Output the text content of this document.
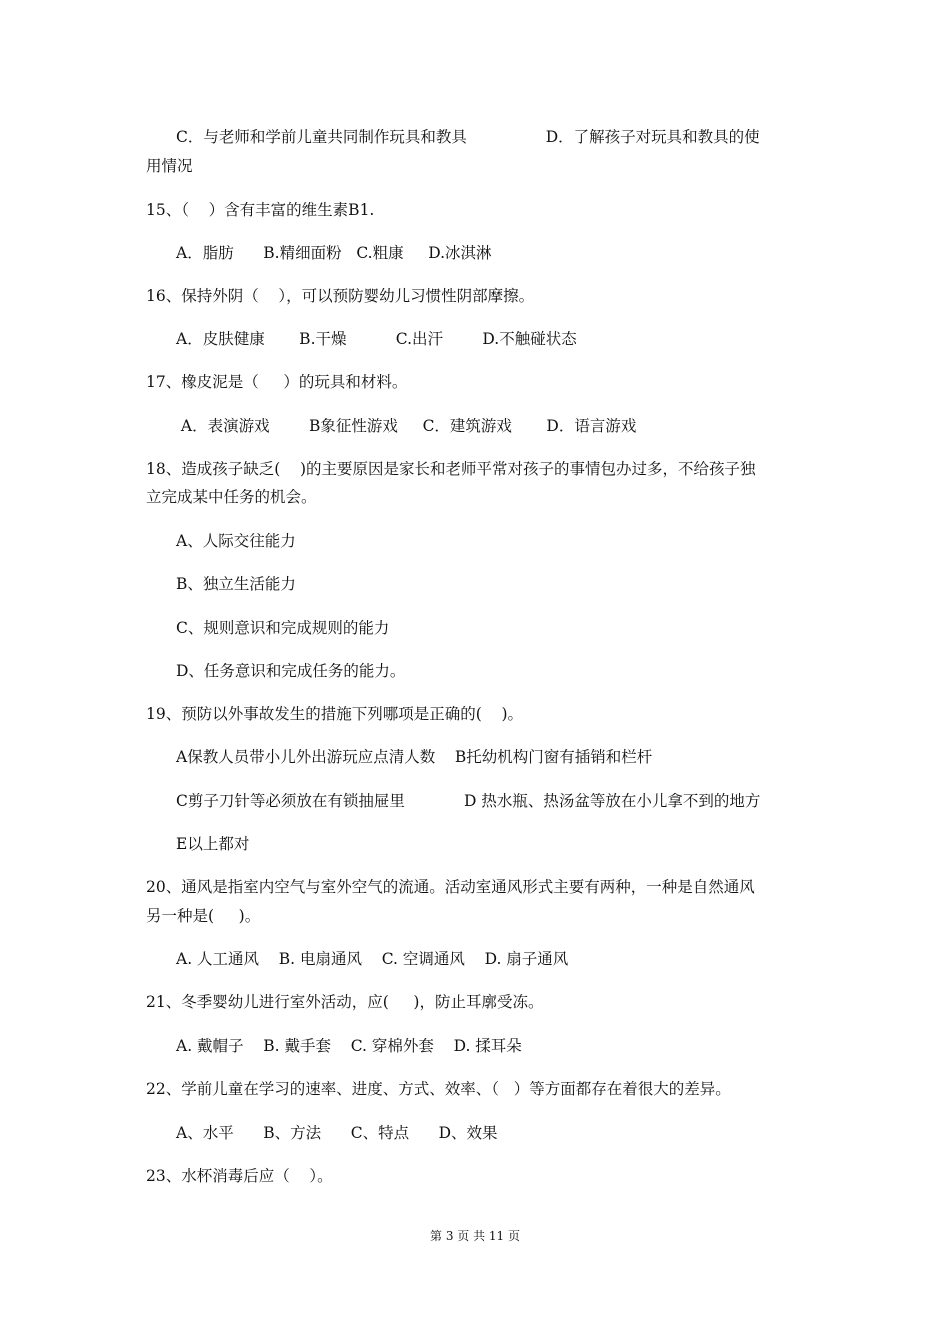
C．与老师和学前儿童共同制作玩具和教具                D．了解孩子对玩具和教具的使
用情况
15、（    ）含有丰富的维生素B1.
A．脂肪      B.精细面粉   C.粗康     D.冰淇淋
16、保持外阴（    ），可以预防婴幼儿习惯性阴部摩擦。
A．皮肤健康       B.干燥          C.出汗        D.不触碰状态
17、橡皮泥是（     ）的玩具和材料。
A．表演游戏        B象征性游戏     C．建筑游戏       D．语言游戏
18、造成孩子缺乏(    )的主要原因是家长和老师平常对孩子的事情包办过多，不给孩子独
立完成某中任务的机会。
A、人际交往能力
B、独立生活能力
C、规则意识和完成规则的能力
D、任务意识和完成任务的能力。
19、预防以外事故发生的措施下列哪项是正确的(    )。
A保教人员带小儿外出游玩应点清人数    B托幼机构门窗有插销和栏杆
C剪子刀针等必须放在有锁抽屉里            D 热水瓶、热汤盆等放在小儿拿不到的地方
E以上都对
20、通风是指室内空气与室外空气的流通。活动室通风形式主要有两种，一种是自然通风
另一种是(     )。
A. 人工通风    B. 电扇通风    C. 空调通风    D. 扇子通风
21、冬季婴幼儿进行室外活动，应(     )，防止耳廓受冻。
A. 戴帽子    B. 戴手套    C. 穿棉外套    D. 揉耳朵
22、学前儿童在学习的速率、进度、方式、效率、（   ）等方面都存在着很大的差异。
A、水平      B、方法      C、特点      D、效果
23、水杯消毒后应（    ）。
第 3 页 共 11 页
